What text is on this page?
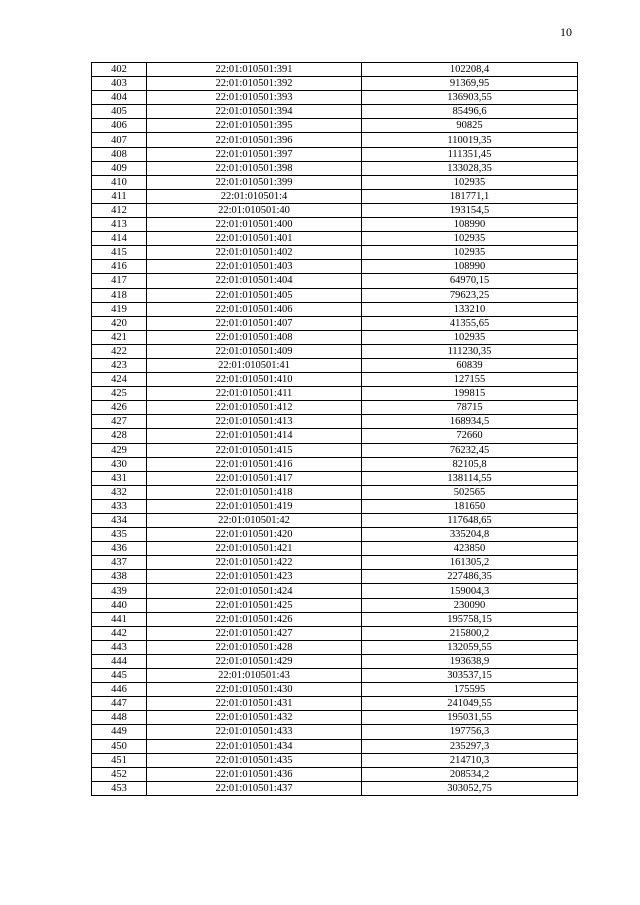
10
402	22:01:010501:391	102208,4
403	22:01:010501:392	91369,95
404	22:01:010501:393	136903,55
405	22:01:010501:394	85496,6
406	22:01:010501:395	90825
407	22:01:010501:396	110019,35
408	22:01:010501:397	111351,45
409	22:01:010501:398	133028,35
410	22:01:010501:399	102935
411	22:01:010501:4	181771,1
412	22:01:010501:40	193154,5
413	22:01:010501:400	108990
414	22:01:010501:401	102935
415	22:01:010501:402	102935
416	22:01:010501:403	108990
417	22:01:010501:404	64970,15
418	22:01:010501:405	79623,25
419	22:01:010501:406	133210
420	22:01:010501:407	41355,65
421	22:01:010501:408	102935
422	22:01:010501:409	111230,35
423	22:01:010501:41	60839
424	22:01:010501:410	127155
425	22:01:010501:411	199815
426	22:01:010501:412	78715
427	22:01:010501:413	168934,5
428	22:01:010501:414	72660
429	22:01:010501:415	76232,45
430	22:01:010501:416	82105,8
431	22:01:010501:417	138114,55
432	22:01:010501:418	502565
433	22:01:010501:419	181650
434	22:01:010501:42	117648,65
435	22:01:010501:420	335204,8
436	22:01:010501:421	423850
437	22:01:010501:422	161305,2
438	22:01:010501:423	227486,35
439	22:01:010501:424	159004,3
440	22:01:010501:425	230090
441	22:01:010501:426	195758,15
442	22:01:010501:427	215800,2
443	22:01:010501:428	132059,55
444	22:01:010501:429	193638,9
445	22:01:010501:43	303537,15
446	22:01:010501:430	175595
447	22:01:010501:431	241049,55
448	22:01:010501:432	195031,55
449	22:01:010501:433	197756,3
450	22:01:010501:434	235297,3
451	22:01:010501:435	214710,3
452	22:01:010501:436	208534,2
453	22:01:010501:437	303052,75
